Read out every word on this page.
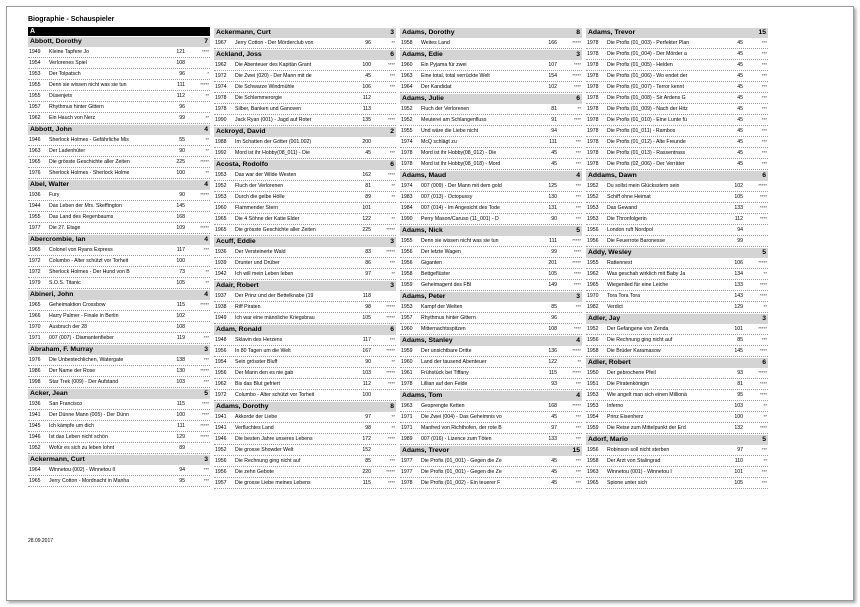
Biographie - Schauspieler
A
Abbott, Dorothy	7
1949	Kleine Tapfere Jo	121	****
1954	Verlorenes Spiel	108
1953	Der Tolpatsch	96	*
1955	Denn sie wissen nicht was sie tun	111	*****
1955	Düsenjets	112	**
1957	Rhythmus hinter Gittern	96
1962	Ein Hauch von Nerz	99	**
Abbott, John	4
1946	Sherlock Holmes - Gefährliche Mis	55	**
1963	Der Ladenhüter	90	**
1965	Die grösste Geschichte aller Zeiten	225	*****
1976	Sherlock Holmes - Sherlock Holme	100	**
Abel, Walter	4
1936	Fury	90	*****
1944	Das Leben der Mrs. Skeffington	145
1955	Das Land des Regenbaums	168
1977	Die 27. Etage	109	*****
Abercrombie, Ian	4
1965	Colonel von Ryans Express	117	***
1972	Columbo - Alter schützt vor Torheit	100
1972	Sherlock Holmes - Der Hund von B	73	**
1979	S.O.S. Titanic	105	**
Abineri, John	4
1965	Geheimaktion Crossbow	115	*****
1966	Harry Palmer - Finale in Berlin	102
1970	Ausbruch der 28	108
1971	007 (007) - Diamantenfieber	119	***
Abraham, F. Murray	3
1976	Die Unbestechlichen, Watergate	138	***
1986	Der Name der Rose	130	*****
1998	Star Trek (009) - Der Aufstand	103	***
Acker, Jean	5
1936	San Francisco	115	****
1941	Der Dünne Mann (005) - Der Dünn	100	****
1945	Ich kämpfe um dich	111	*****
1946	Ist das Leben nicht schön	129	*****
1952	Wofür es sich zu leben lohnt	89
Ackermann, Curt	3
1964	Winnetou (002) - Winnetou II	94	***
1965	Jerry Cotton - Mordnacht in Manha	95	***
Ackermann, Curt	3
1967	Jerry Cotton - Der Mörderclub von	96	**
Ackland, Joss	6
1962	Die Abenteuer des Kapitän Grant	100	****
1972	Die Zwei (020) - Der Mann mit de	45	***
1974	Die Schwarze Windmühle	106	***
1978	Die Schlemmerorgie	112
1978	Silber, Banken und Ganoven	113
1990	Jack Ryan (001) - Jagd auf Roter	135	****
Ackroyd, David	2
1988	Im Schatten der Götter (001.002)	200
1992	Mord ist ihr Hobby(08_011) - Die	45	***
Acosta, Rodolfo	6
1953	Das war der Wilde Westen	162	****
1952	Fluch der Verlorenen	81	**
1953	Durch die gelbe Hölle	89	**
1960	Flammender Stern	101
1965	Die 4 Söhne der Katie Elder	122	**
1965	Die grösste Geschichte aller Zeiten	225	*****
Acuff, Eddie	3
1936	Der Versteinerte Wald	83	*****
1939	Drunter und Drüber	86	***
1942	Ich will mein Leben leben	97	**
Adair, Robert	3
1937	Der Prinz und der Bettelknabe (19	118
1938	Riff Piraten	98	*****
1949	Ich war eine männliche Kriegsbrau	105	*****
Adam, Ronald	6
1948	Sklavin des Herzens	117	***
1956	In 80 Tagen um die Welt	167	*****
1954	Sein grösster Bluff	90	**
1956	Der Mann den es nie gab	103	*****
1962	Bis das Blut gefriert	112	****
1972	Columbo - Alter schützt vor Torheit	100
Adams, Dorothy	8
1941	Akkorde der Liebe	97	**
1941	Verfluchtes Land	98	**
1946	Die besten Jahre unseres Lebens	172	****
1952	Die grosse Showder Welt	152
1956	Die Rechnung ging nicht auf	85	***
1956	Die zehn Gebote	220	*****
1957	Die grosse Liebe meines Lebens	115	****
Adams, Dorothy	8
1958	Weites Land	166	*****
Adams, Edie	3
1960	Ein Pyjama für zwei	107	****
1963	Eine total, total verrückte Welt	154	*****
1964	Der Kandidat	102	****
Adams, Julie	6
1952	Fluch der Verlorenen	81	**
1952	Meuterei am Schlangenfluss	91	****
1955	Und wäre die Liebe nicht	94
1974	McQ schlägt zu	111	***
1978	Mord ist ihr Hobby(08_012) - Die	45	***
1978	Mord ist ihr Hobby(08_018) - Mord	45	***
Adams, Maud	4
1974	007 (009) - Der Mann mit dem gold	125	***
1983	007 (013) - Octopussy	130	***
1984	007 (014) - Im Angesicht des Tode	131	***
1990	Perry Mason/Caruso (11_001) - D	90	***
Adams, Nick	5
1955	Denn sie wissen nicht was sie tun	111	*****
1956	Der letzte Wagen	99	****
1956	Giganten	201	*****
1958	Bettgeflüster	105	****
1959	Geheimagent des FBI	149	****
Adams, Peter	3
1953	Kampf der Welten	85	***
1957	Rhythmus hinter Gittern	96
1960	Mitternachtsspitzen	108	****
Adams, Stanley	4
1959	Der unsichtbare Dritte	136	*****
1960	Land der tausend Abenteuer	122	**
1961	Frühstück bei Tiffany	115	*****
1978	Lillian auf den Felde	93	***
Adams, Tom	4
1963	Gesprengte Ketten	168	*****
1971	Die Zwei (004) - Das Geheimnis vo	45	***
1971	Manfred von Richthofen, der rote B	97	***
1989	007 (016) - Lizence zum Töten	133	***
Adams, Trevor	15
1977	Die Profis (01_001) - Gegen die Ze	45	***
1977	Die Profis (01_001) - Gegen die Ze	45	***
1978	Die Profis (01_002) - Ein teuerer F	45	***
Adams, Trevor	15
1978	Die Profis (01_003) - Perfekter Plan	45	***
1978	Die Profis (01_004) - Der Mörder a	45	***
1978	Die Profis (01_005) - Helden	45	***
1978	Die Profis (01_006) - Wo endet der	45	***
1978	Die Profis (01_007) - Terror kennt	45	***
1978	Die Profis (01_008) - Sir Ardens G	45	***
1978	Die Profis (01_009) - Nach der Hitz	45	***
1978	Die Profis (01_010) - Eine Lunte fü	45	***
1978	Die Profis (01_011) - Rambos	45	***
1978	Die Profis (01_012) - Alte Freunde	45	***
1978	Die Profis (01_013) - Rassentrass	45	***
1978	Die Profis (02_006) - Der Verräter	45	***
Addams, Dawn	6
1952	Du sollst mein Glücksstern sein	102	*****
1952	Schiff ohne Heimat	105	****
1953	Das Gewand	133	****
1953	Die Thronfolgerin	112	****
1956	London ruft Nordpol	94
1956	Die Feuerrote Baronesse	99
Addy, Wesley	5
1955	Rattennest	106	*****
1962	Was geschah wirklich mit Baby Ja	134	**
1965	Wiegenlied für eine Leiche	133	****
1970	Tora Tora Tora	143	****
1982	Verdict	129	**
Adler, Jay	3
1952	Der Gefangene von Zenda	101	*****
1956	Die Rechnung ging nicht auf	85	***
1958	Die Brüder Karamasow	145	****
Adler, Robert	6
1950	Der gebrochene Pfeil	93	*****
1951	Die Piratenkönigin	81	****
1953	Wie angelt man sich einen Millionä	95	****
1953	Inferno	103	**
1954	Prinz Eisenherz	100	**
1959	Die Reise zum Mittelpunkt der Erd	132	****
Adorf, Mario	5
1956	Robinson soll nicht sterben	97	***
1958	Der Arzt von Stalingrad	110	**
1963	Winnetou (001) - Winnetou I	101	***
1965	Spione unter sich	105	***
28.09.2017
